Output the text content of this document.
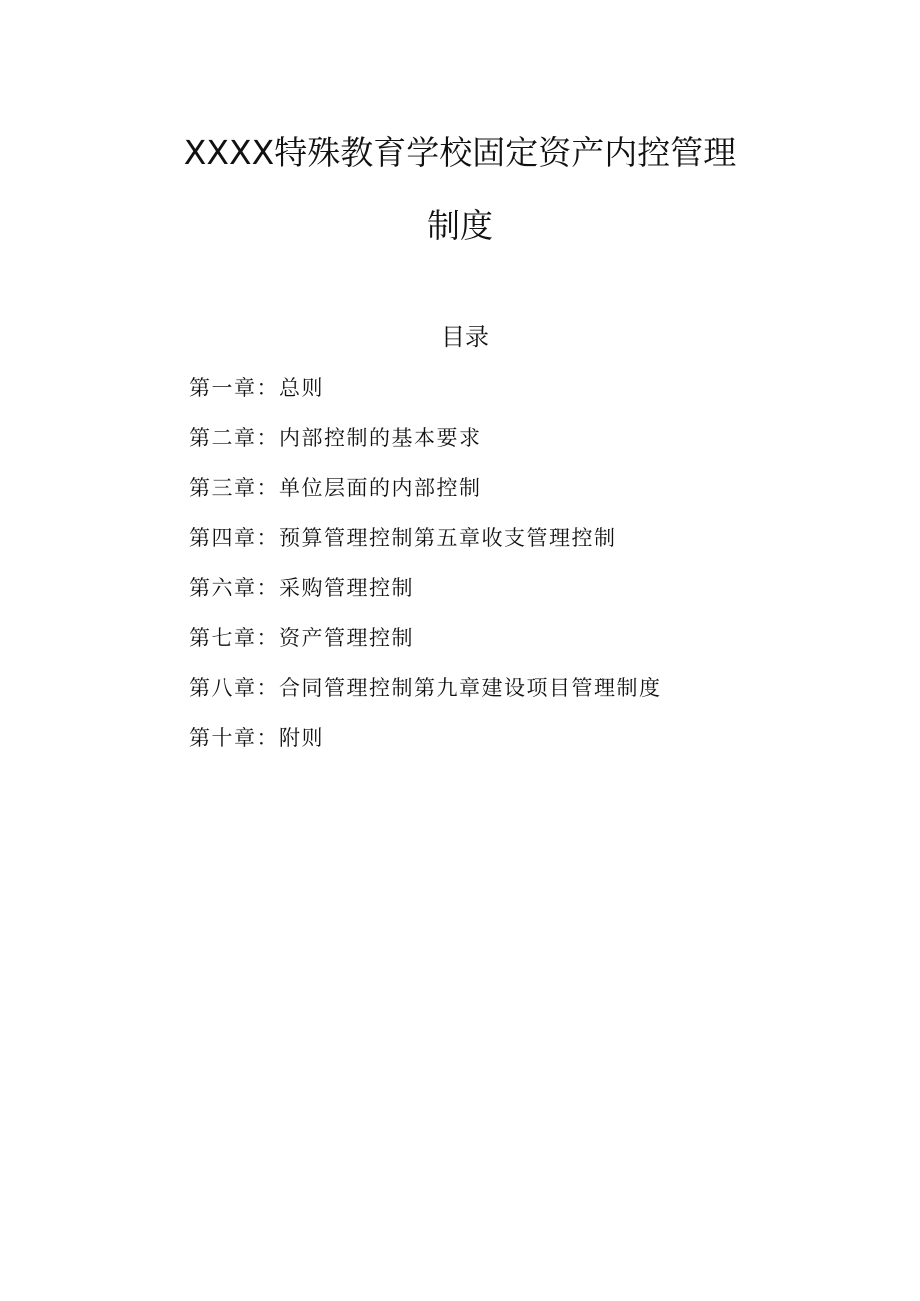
XXXX特殊教育学校固定资产内控管理
制度
目录
第一章：总则
第二章：内部控制的基本要求
第三章：单位层面的内部控制
第四章：预算管理控制第五章收支管理控制
第六章：采购管理控制
第七章：资产管理控制
第八章：合同管理控制第九章建设项目管理制度
第十章：附则
